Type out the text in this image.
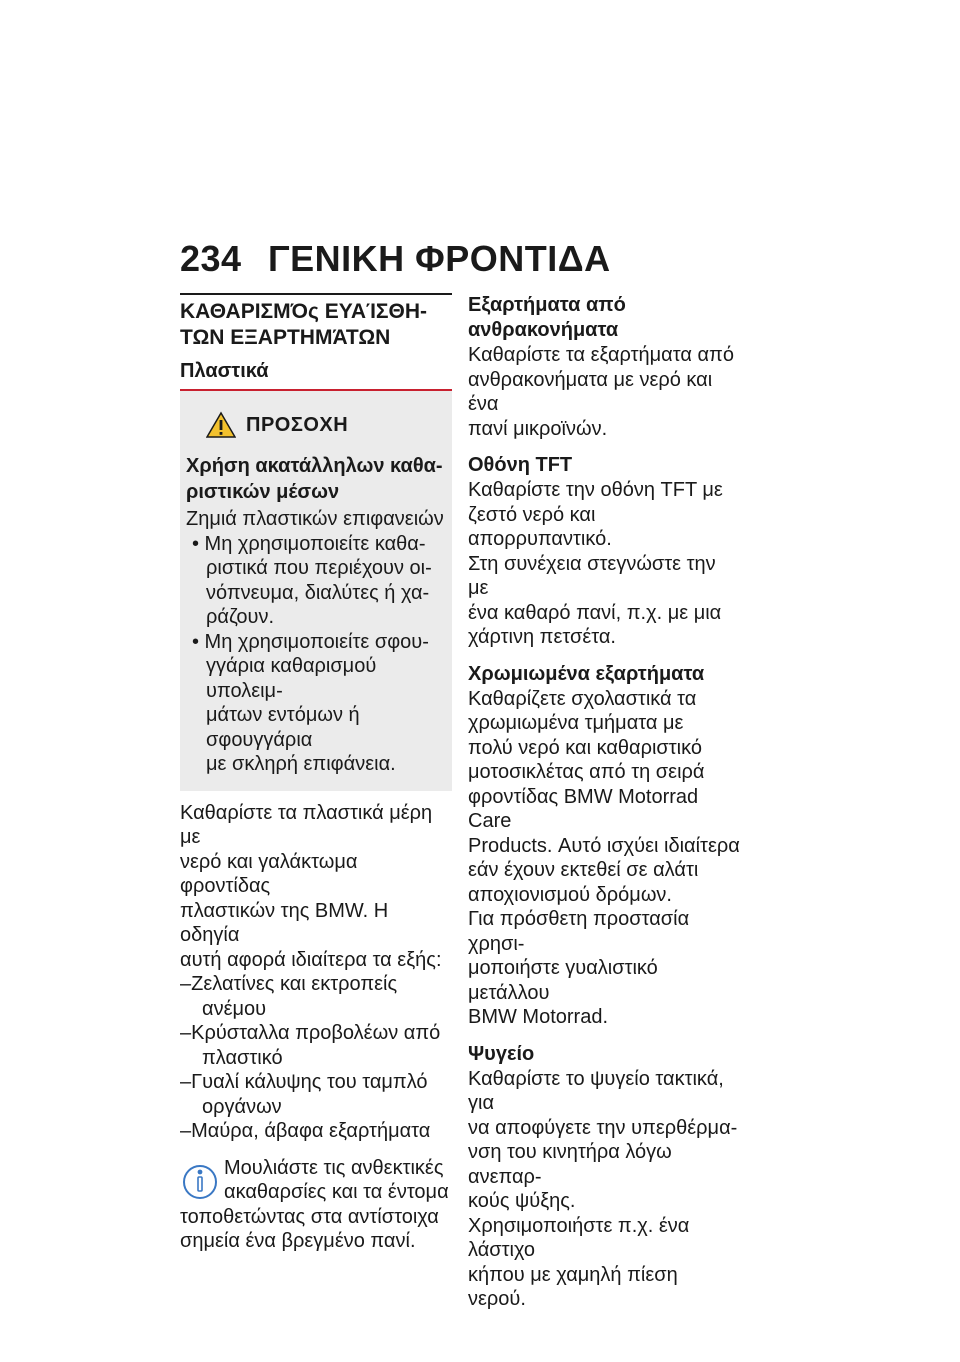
234 ΓΕΝΙΚΗ ΦΡΟΝΤΙΔΑ
ΚΑΘΑΡΙΣΜΌς ΕΥΑΊΣΘΗ-
ΤΩΝ ΕΞΑΡΤΗΜΆΤΩΝ
Πλαστικά
ΠΡΟΣΟΧΗ
Χρήση ακατάλληλων καθα-
ριστικών μέσων

Ζημιά πλαστικών επιφανειών

• Μη χρησιμοποιείτε καθα-

ριστικά που περιέχουν οι-

νόπνευμα, διαλύτες ή χα-

ράζουν.

• Μη χρησιμοποιείτε σφου-

γγάρια καθαρισμού υπολειμ-

μάτων εντόμων ή σφουγγάρια

με σκληρή επιφάνεια.

Καθαρίστε τα πλαστικά μέρη με

νερό και γαλάκτωμα φροντίδας

πλαστικών της BMW. Η οδηγία

αυτή αφορά ιδιαίτερα τα εξής:

–Ζελατίνες και εκτροπείς

ανέμου

–Κρύσταλλα προβολέων από

πλαστικό

–Γυαλί κάλυψης του ταμπλό

οργάνων

–Μαύρα, άβαφα εξαρτήματα

Μουλιάστε τις ανθεκτικές

ακαθαρσίες και τα έντομα

τοποθετώντας στα αντίστοιχα

σημεία ένα βρεγμένο πανί.

Εξαρτήματα από
ανθρακονήματα

Καθαρίστε τα εξαρτήματα από

ανθρακονήματα με νερό και ένα

πανί μικροϊνών.

Οθόνη TFT

Καθαρίστε την οθόνη TFT με

ζεστό νερό και απορρυπαντικό.

Στη συνέχεια στεγνώστε την με

ένα καθαρό πανί, π.χ. με μια

χάρτινη πετσέτα.

Χρωμιωμένα εξαρτήματα

Καθαρίζετε σχολαστικά τα

χρωμιωμένα τμήματα με

πολύ νερό και καθαριστικό

μοτοσικλέτας από τη σειρά

φροντίδας BMW Motorrad Care

Products. Αυτό ισχύει ιδιαίτερα

εάν έχουν εκτεθεί σε αλάτι

αποχιονισμού δρόμων.

Για πρόσθετη προστασία χρησι-

μοποιήστε γυαλιστικό μετάλλου

BMW Motorrad.

Ψυγείο

Καθαρίστε το ψυγείο τακτικά, για

να αποφύγετε την υπερθέρμα-

νση του κινητήρα λόγω ανεπαρ-

κούς ψύξης.

Χρησιμοποιήστε π.χ. ένα λάστιχο

κήπου με χαμηλή πίεση νερού.
